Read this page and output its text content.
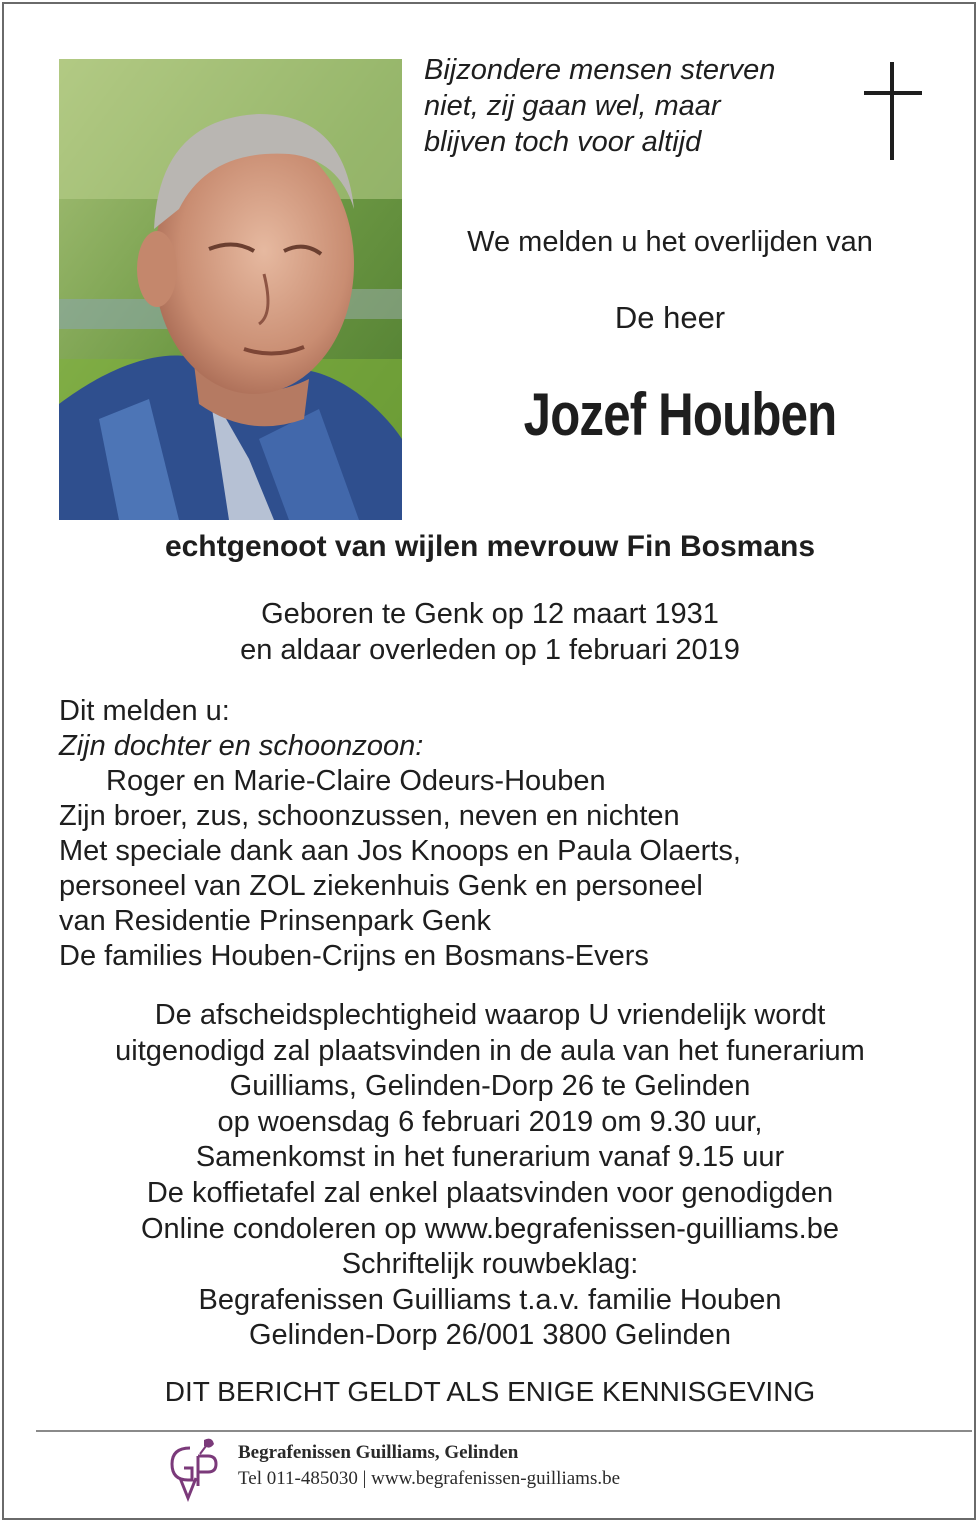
Bijzondere mensen sterven
niet, zij gaan wel, maar
blijven toch voor altijd
We melden u het overlijden van
De heer
Jozef Houben
echtgenoot van wijlen mevrouw Fin Bosmans
Geboren te Genk op 12 maart 1931
en aldaar overleden op 1 februari 2019
Dit melden u:
Zijn dochter en schoonzoon:
Roger en Marie-Claire Odeurs-Houben
Zijn broer, zus, schoonzussen, neven en nichten
Met speciale dank aan Jos Knoops en Paula Olaerts,
personeel van ZOL ziekenhuis Genk en personeel
van Residentie Prinsenpark Genk
De families Houben-Crijns en Bosmans-Evers
De afscheidsplechtigheid waarop U vriendelijk wordt
uitgenodigd zal plaatsvinden in de aula van het funerarium
Guilliams, Gelinden-Dorp 26 te Gelinden
op woensdag 6 februari 2019 om 9.30 uur,
Samenkomst in het funerarium vanaf 9.15 uur
De koffietafel zal enkel plaatsvinden voor genodigden
Online condoleren op www.begrafenissen-guilliams.be
Schriftelijk rouwbeklag:
Begrafenissen Guilliams t.a.v. familie Houben
Gelinden-Dorp 26/001 3800 Gelinden
DIT BERICHT GELDT ALS ENIGE KENNISGEVING
Begrafenissen Guilliams, Gelinden
Tel 011-485030 | www.begrafenissen-guilliams.be
